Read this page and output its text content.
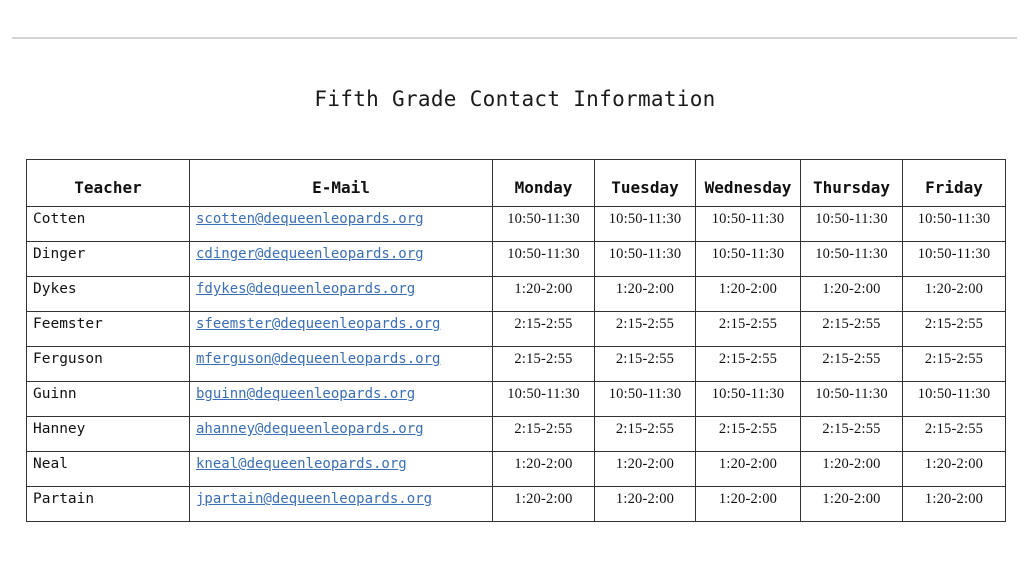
Fifth Grade Contact Information
Teacher	E-Mail	Monday	Tuesday	Wednesday	Thursday	Friday
Cotten	scotten@dequeenleopards.org	10:50-11:30	10:50-11:30	10:50-11:30	10:50-11:30	10:50-11:30
Dinger	cdinger@dequeenleopards.org	10:50-11:30	10:50-11:30	10:50-11:30	10:50-11:30	10:50-11:30
Dykes	fdykes@dequeenleopards.org	1:20-2:00	1:20-2:00	1:20-2:00	1:20-2:00	1:20-2:00
Feemster	sfeemster@dequeenleopards.org	2:15-2:55	2:15-2:55	2:15-2:55	2:15-2:55	2:15-2:55
Ferguson	mferguson@dequeenleopards.org	2:15-2:55	2:15-2:55	2:15-2:55	2:15-2:55	2:15-2:55
Guinn	bguinn@dequeenleopards.org	10:50-11:30	10:50-11:30	10:50-11:30	10:50-11:30	10:50-11:30
Hanney	ahanney@dequeenleopards.org	2:15-2:55	2:15-2:55	2:15-2:55	2:15-2:55	2:15-2:55
Neal	kneal@dequeenleopards.org	1:20-2:00	1:20-2:00	1:20-2:00	1:20-2:00	1:20-2:00
Partain	jpartain@dequeenleopards.org	1:20-2:00	1:20-2:00	1:20-2:00	1:20-2:00	1:20-2:00
